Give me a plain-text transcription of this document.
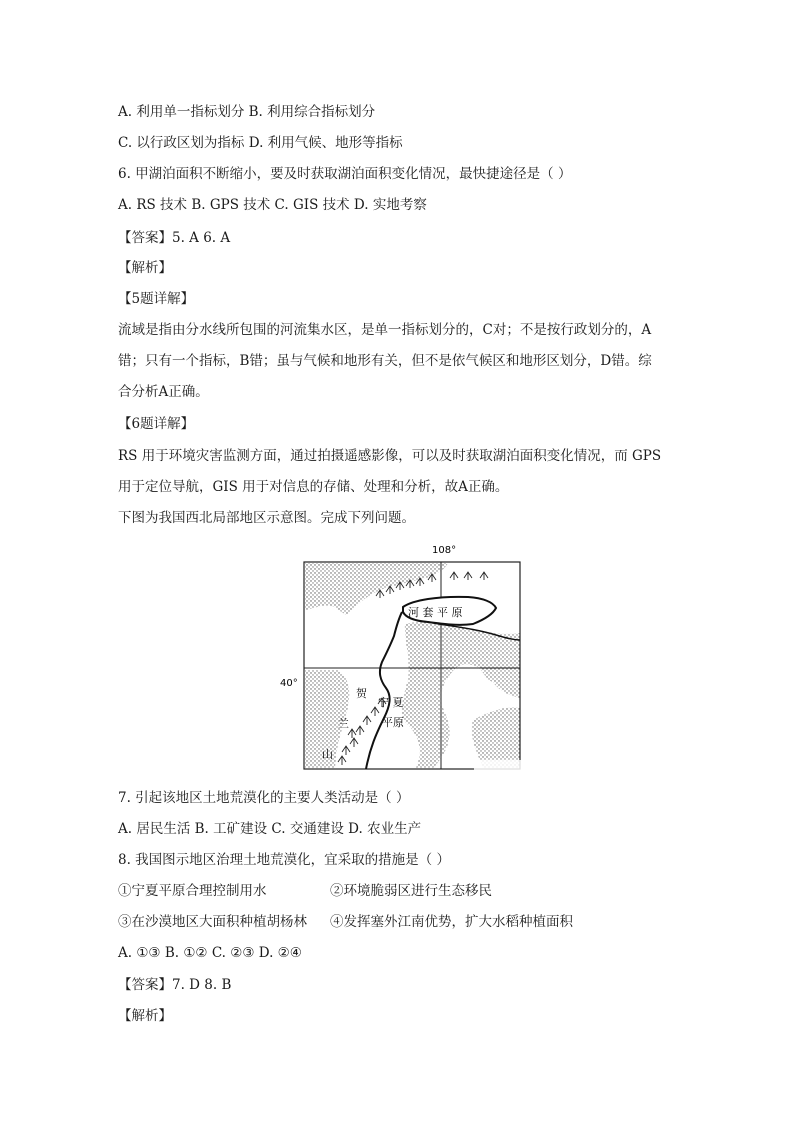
A. 利用单一指标划分 B. 利用综合指标划分
C. 以行政区划为指标 D. 利用气候、地形等指标
6. 甲湖泊面积不断缩小，要及时获取湖泊面积变化情况，最快捷途径是（ ）
A. RS 技术 B. GPS 技术 C. GIS 技术 D. 实地考察
【答案】5. A 6. A
【解析】
【5题详解】
流域是指由分水线所包围的河流集水区，是单一指标划分的，C对；不是按行政划分的，A
错；只有一个指标，B错；虽与气候和地形有关，但不是依气候区和地形区划分，D错。综
合分析A正确。
【6题详解】
RS 用于环境灾害监测方面，通过拍摄遥感影像，可以及时获取湖泊面积变化情况，而 GPS
用于定位导航，GIS 用于对信息的存储、处理和分析，故A正确。
下图为我国西北局部地区示意图。完成下列问题。
108°
40°
河 套 平 原
贺
兰
山
宁 夏
平原
7. 引起该地区土地荒漠化的主要人类活动是（ ）
A. 居民生活 B. 工矿建设 C. 交通建设 D. 农业生产
8. 我国图示地区治理土地荒漠化，宜采取的措施是（ ）
①宁夏平原合理控制用水	②环境脆弱区进行生态移民
③在沙漠地区大面积种植胡杨林	④发挥塞外江南优势，扩大水稻种植面积
A. ①③ B. ①② C. ②③ D. ②④
【答案】7. D 8. B
【解析】
